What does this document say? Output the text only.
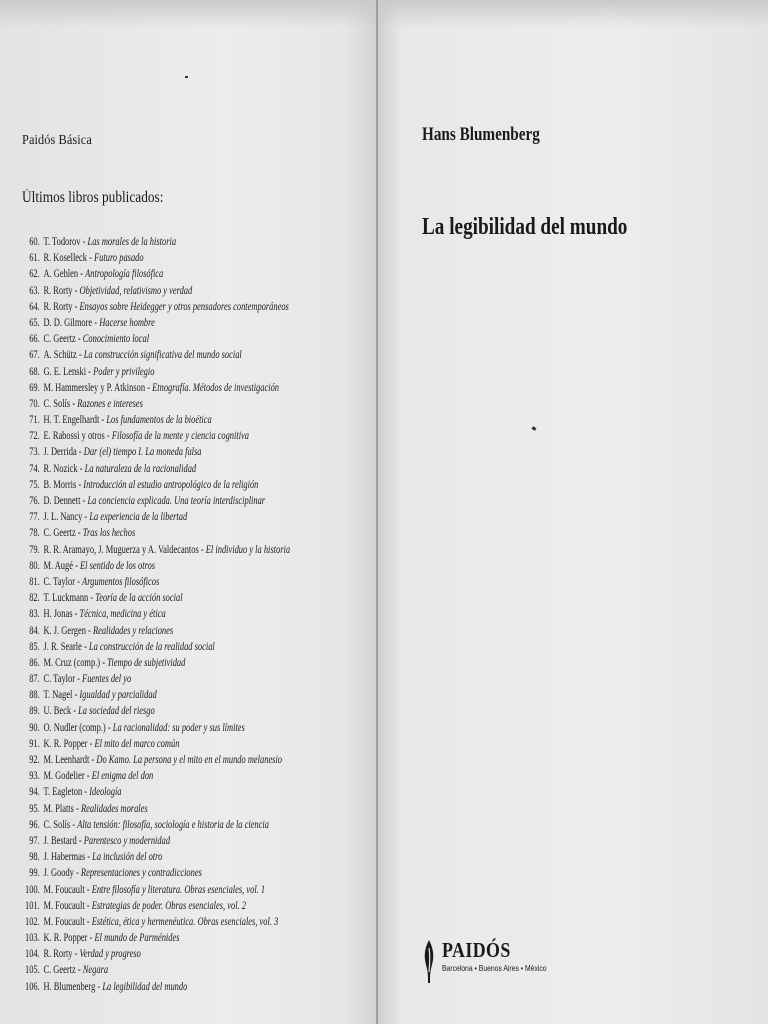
Paidós Básica
Últimos libros publicados:
60. T. Todorov - Las morales de la historia
61. R. Koselleck - Futuro pasado
62. A. Gehlen - Antropología filosófica
63. R. Rorty - Objetividad, relativismo y verdad
64. R. Rorty - Ensayos sobre Heidegger y otros pensadores contemporáneos
65. D. D. Gilmore - Hacerse hombre
66. C. Geertz - Conocimiento local
67. A. Schütz - La construcción significativa del mundo social
68. G. E. Lenski - Poder y privilegio
69. M. Hammersley y P. Atkinson - Etnografía. Métodos de investigación
70. C. Solís - Razones e intereses
71. H. T. Engelhardt - Los fundamentos de la bioética
72. E. Rabossi y otros - Filosofía de la mente y ciencia cognitiva
73. J. Derrida - Dar (el) tiempo I. La moneda falsa
74. R. Nozick - La naturaleza de la racionalidad
75. B. Morris - Introducción al estudio antropológico de la religión
76. D. Dennett - La conciencia explicada. Una teoría interdisciplinar
77. J. L. Nancy - La experiencia de la libertad
78. C. Geertz - Tras los hechos
79. R. R. Aramayo, J. Muguerza y A. Valdecantos - El individuo y la historia
80. M. Augé - El sentido de los otros
81. C. Taylor - Argumentos filosóficos
82. T. Luckmann - Teoría de la acción social
83. H. Jonas - Técnica, medicina y ética
84. K. J. Gergen - Realidades y relaciones
85. J. R. Searle - La construcción de la realidad social
86. M. Cruz (comp.) - Tiempo de subjetividad
87. C. Taylor - Fuentes del yo
88. T. Nagel - Igualdad y parcialidad
89. U. Beck - La sociedad del riesgo
90. O. Nudler (comp.) - La racionalidad: su poder y sus límites
91. K. R. Popper - El mito del marco común
92. M. Leenhardt - Do Kamo. La persona y el mito en el mundo melanesio
93. M. Godelier - El enigma del don
94. T. Eagleton - Ideología
95. M. Platts - Realidades morales
96. C. Solís - Alta tensión: filosofía, sociología e historia de la ciencia
97. J. Bestard - Parentesco y modernidad
98. J. Habermas - La inclusión del otro
99. J. Goody - Representaciones y contradicciones
100. M. Foucault - Entre filosofía y literatura. Obras esenciales, vol. 1
101. M. Foucault - Estrategias de poder. Obras esenciales, vol. 2
102. M. Foucault - Estética, ética y hermenéutica. Obras esenciales, vol. 3
103. K. R. Popper - El mundo de Parménides
104. R. Rorty - Verdad y progreso
105. C. Geertz - Negara
106. H. Blumenberg - La legibilidad del mundo
Hans Blumenberg
La legibilidad del mundo
PAIDÓS
Barcelona • Buenos Aires • México
